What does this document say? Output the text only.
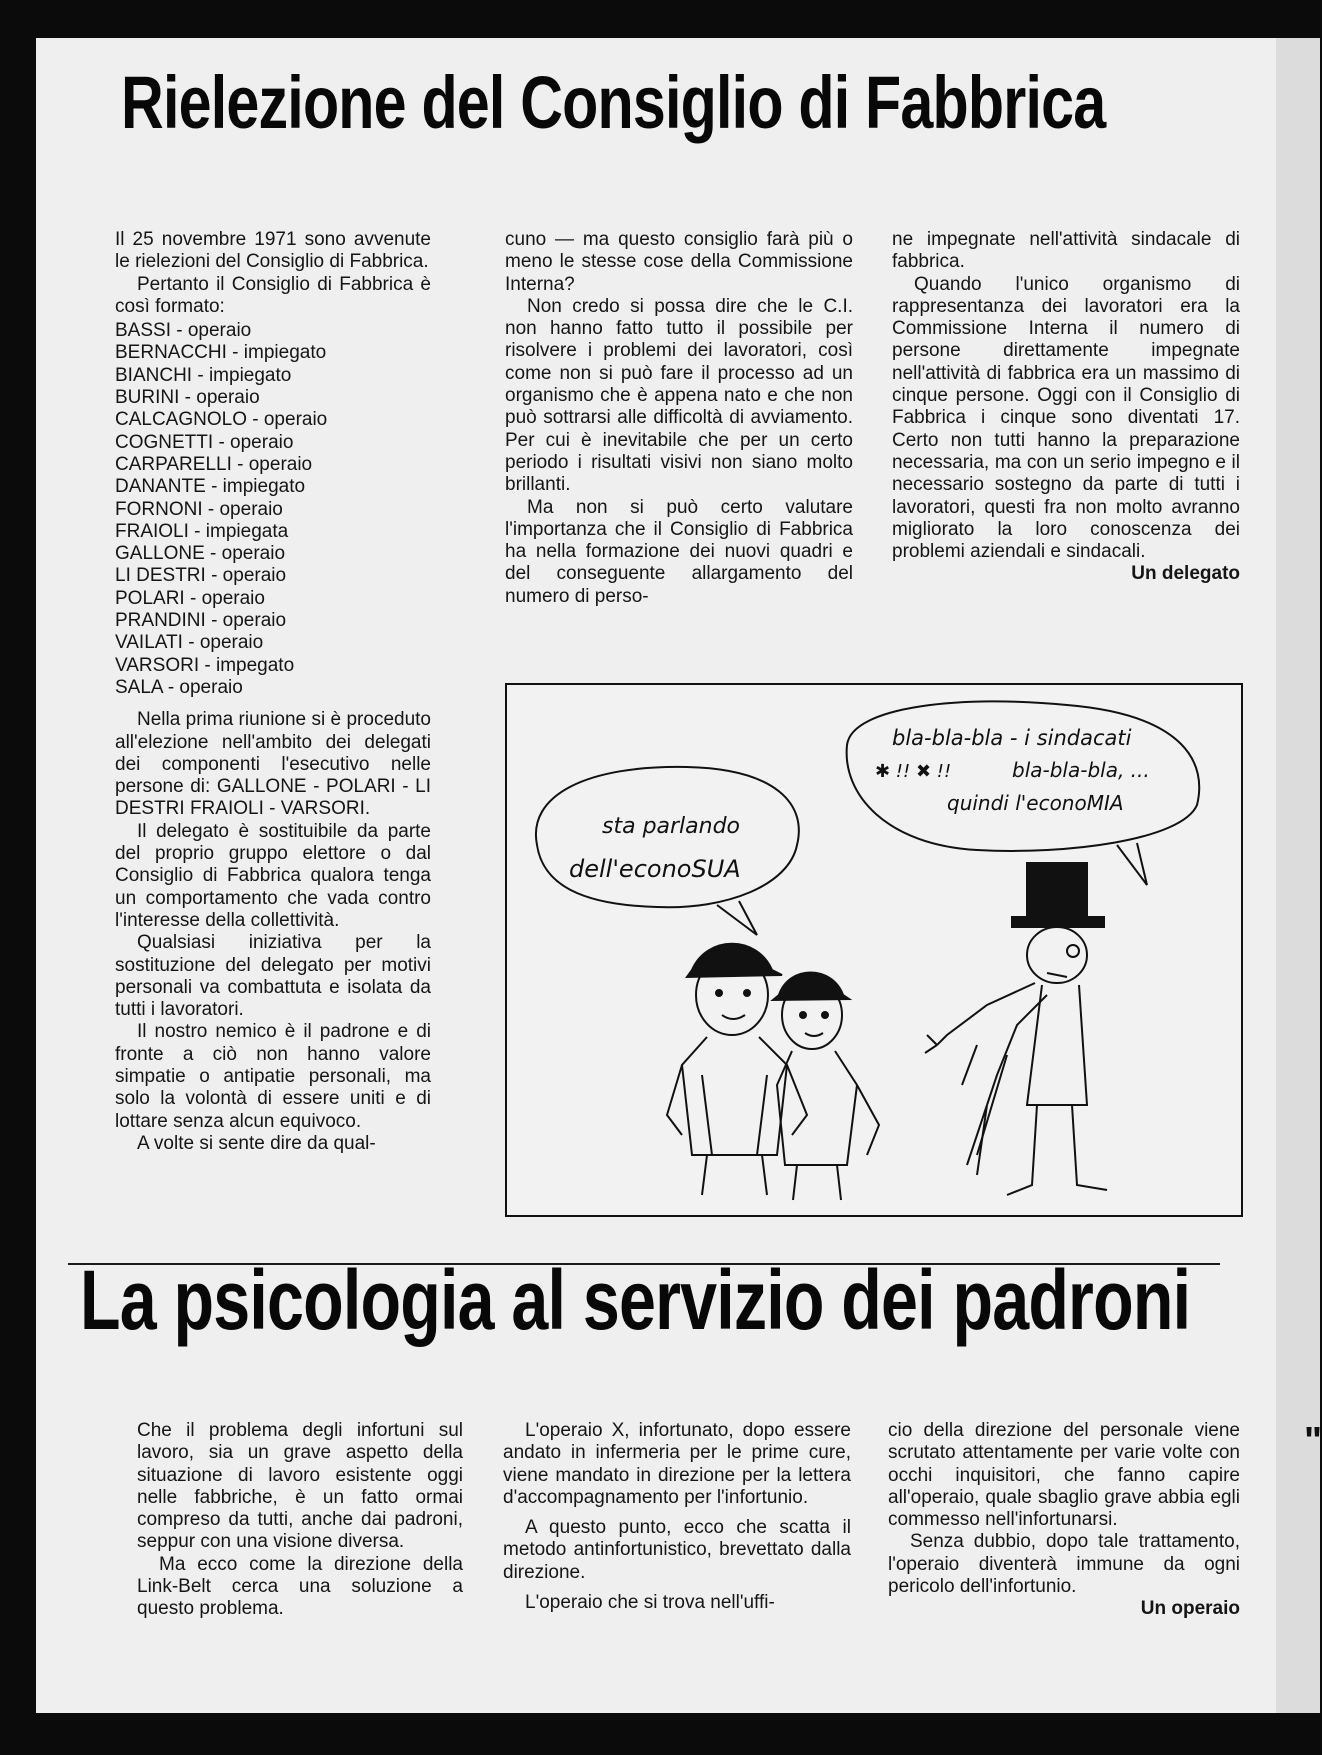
"
Rielezione del Consiglio di Fabbrica

Il 25 novembre 1971 sono avvenute le rielezioni del Consiglio di Fabbrica.

Pertanto il Consiglio di Fabbrica è così formato:

BASSI - operaio
BERNACCHI - impiegato
BIANCHI - impiegato
BURINI - operaio
CALCAGNOLO - operaio
COGNETTI - operaio
CARPARELLI - operaio
DANANTE - impiegato
FORNONI - operaio
FRAIOLI - impiegata
GALLONE - operaio
LI DESTRI - operaio
POLARI - operaio
PRANDINI - operaio
VAILATI - operaio
VARSORI - impegato
SALA - operaio

Nella prima riunione si è proceduto all'elezione nell'ambito dei delegati dei componenti l'esecutivo nelle persone di: GALLONE - POLARI - LI DESTRI FRAIOLI - VARSORI.

Il delegato è sostituibile da parte del proprio gruppo elettore o dal Consiglio di Fabbrica qualora tenga un comportamento che vada contro l'interesse della collettività.

Qualsiasi iniziativa per la sostituzione del delegato per motivi personali va combattuta e isolata da tutti i lavoratori.

Il nostro nemico è il padrone e di fronte a ciò non hanno valore simpatie o antipatie personali, ma solo la volontà di essere uniti e di lottare senza alcun equivoco.

A volte si sente dire da qual-

cuno — ma questo consiglio farà più o meno le stesse cose della Commissione Interna?

Non credo si possa dire che le C.I. non hanno fatto tutto il possibile per risolvere i problemi dei lavoratori, così come non si può fare il processo ad un organismo che è appena nato e che non può sottrarsi alle difficoltà di avviamento. Per cui è inevitabile che per un certo periodo i risultati visivi non siano molto brillanti.

Ma non si può certo valutare l'importanza che il Consiglio di Fabbrica ha nella formazione dei nuovi quadri e del conseguente allargamento del numero di perso-

ne impegnate nell'attività sindacale di fabbrica.

Quando l'unico organismo di rappresentanza dei lavoratori era la Commissione Interna il numero di persone direttamente impegnate nell'attività di fabbrica era un massimo di cinque persone. Oggi con il Consiglio di Fabbrica i cinque sono diventati 17. Certo non tutti hanno la preparazione necessaria, ma con un serio impegno e il necessario sostegno da parte di tutti i lavoratori, questi fra non molto avranno migliorato la loro conoscenza dei problemi aziendali e sindacali.

Un delegato

sta parlando
dell'econoSUA
bla-bla-bla - i sindacati
✱ !! ✖ !!	bla-bla-bla, ...
quindi l'econoMIA
La psicologia al servizio dei padroni

Che il problema degli infortuni sul lavoro, sia un grave aspetto della situazione di lavoro esistente oggi nelle fabbriche, è un fatto ormai compreso da tutti, anche dai padroni, seppur con una visione diversa.

Ma ecco come la direzione della Link-Belt cerca una soluzione a questo problema.

L'operaio X, infortunato, dopo essere andato in infermeria per le prime cure, viene mandato in direzione per la lettera d'accompagnamento per l'infortunio.

A questo punto, ecco che scatta il metodo antinfortunistico, brevettato dalla direzione.

L'operaio che si trova nell'uffi-

cio della direzione del personale viene scrutato attentamente per varie volte con occhi inquisitori, che fanno capire all'operaio, quale sbaglio grave abbia egli commesso nell'infortunarsi.

Senza dubbio, dopo tale trattamento, l'operaio diventerà immune da ogni pericolo dell'infortunio.

Un operaio
